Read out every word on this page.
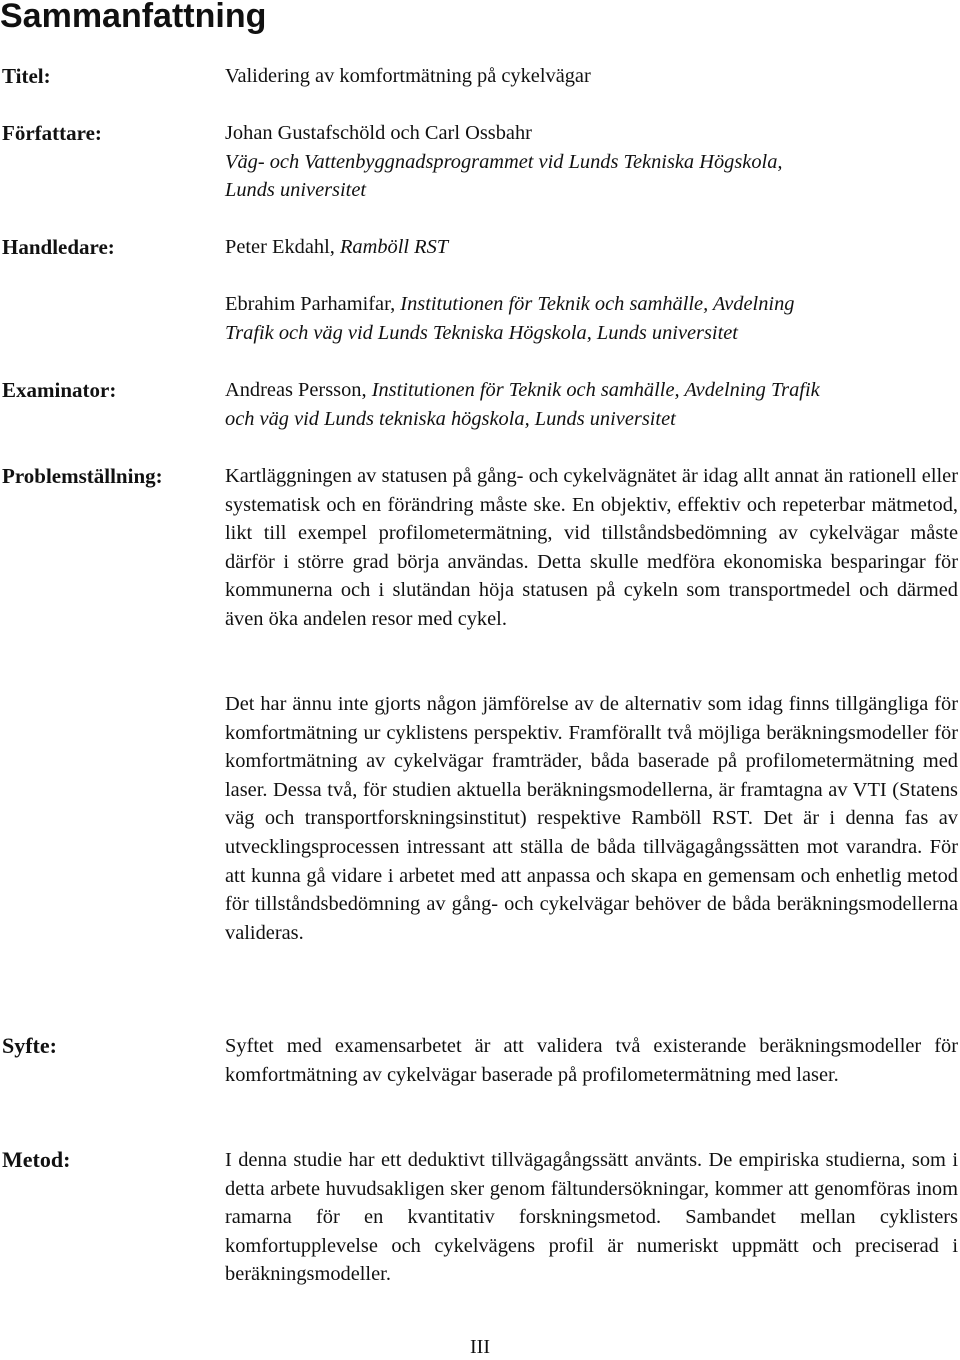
Sammanfattning
Titel:	Validering av komfortmätning på cykelvägar
Författare:	Johan Gustafschöld och Carl Ossbahr
Väg- och Vattenbyggnadsprogrammet vid Lunds Tekniska Högskola,
Lunds universitet
Handledare:	Peter Ekdahl, Ramböll RST
Ebrahim Parhamifar, Institutionen för Teknik och samhälle, Avdelning
Trafik och väg vid Lunds Tekniska Högskola, Lunds universitet
Examinator:	Andreas Persson, Institutionen för Teknik och samhälle, Avdelning Trafik
och väg vid Lunds tekniska högskola, Lunds universitet
Problemställning:	Kartläggningen av statusen på gång- och cykelvägnätet är idag allt annat än rationell eller systematisk och en förändring måste ske. En objektiv, effektiv och repeterbar mätmetod, likt till exempel profilometermätning, vid tillståndsbedömning av cykelvägar måste därför i större grad börja användas. Detta skulle medföra ekonomiska besparingar för kommunerna och i slutändan höja statusen på cykeln som transportmedel och därmed även öka andelen resor med cykel.
Det har ännu inte gjorts någon jämförelse av de alternativ som idag finns tillgängliga för komfortmätning ur cyklistens perspektiv. Framförallt två möjliga beräkningsmodeller för komfortmätning av cykelvägar framträder, båda baserade på profilometermätning med laser. Dessa två, för studien aktuella beräkningsmodellerna, är framtagna av VTI (Statens väg och transportforskningsinstitut) respektive Ramböll RST. Det är i denna fas av utvecklingsprocessen intressant att ställa de båda tillvägagångssätten mot varandra. För att kunna gå vidare i arbetet med att anpassa och skapa en gemensam och enhetlig metod för tillståndsbedömning av gång- och cykelvägar behöver de båda beräkningsmodellerna valideras.
Syfte:	Syftet med examensarbetet är att validera två existerande beräkningsmodeller för komfortmätning av cykelvägar baserade på profilometermätning med laser.
Metod:	I denna studie har ett deduktivt tillvägagångssätt använts. De empiriska studierna, som i detta arbete huvudsakligen sker genom fältundersökningar, kommer att genomföras inom ramarna för en kvantitativ forskningsmetod. Sambandet mellan cyklisters komfortupplevelse och cykelvägens profil är numeriskt uppmätt och preciserad i beräkningsmodeller.
III
